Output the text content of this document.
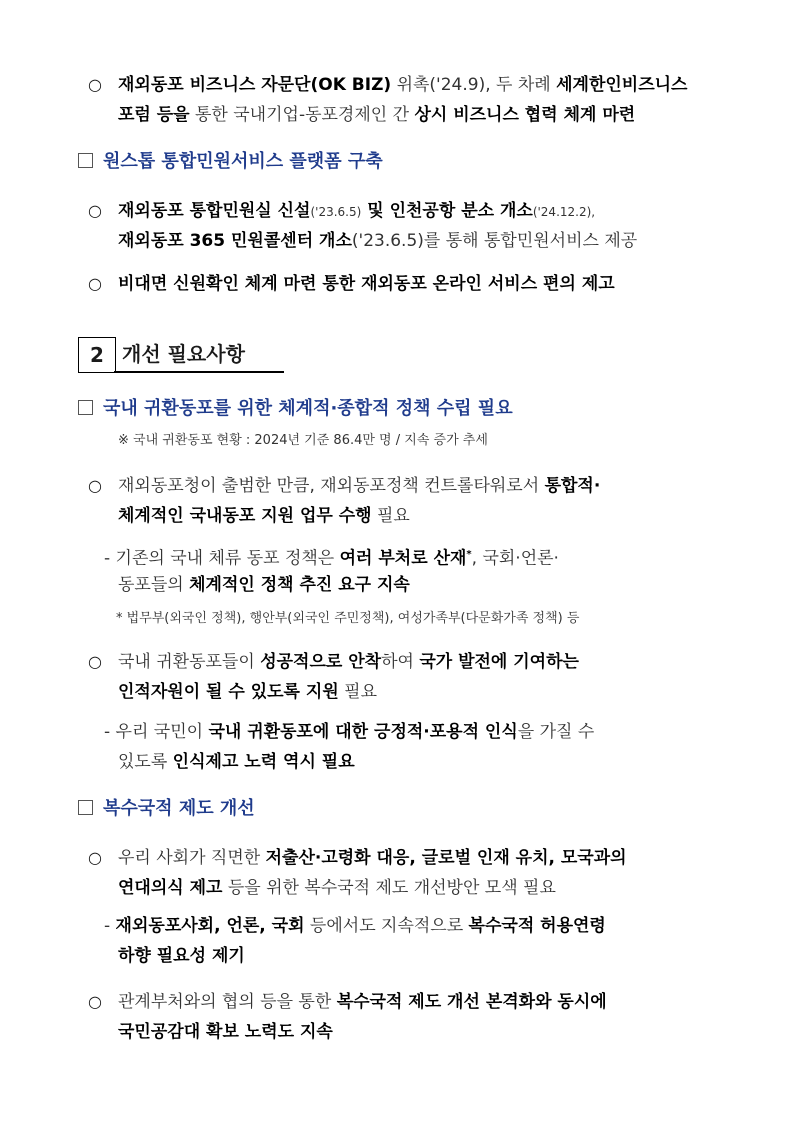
○ 재외동포 비즈니스 자문단(OK BIZ) 위촉('24.9), 두 차례 세계한인비즈니스
포럼 등을 통한 국내기업-동포경제인 간 상시 비즈니스 협력 체계 마련
원스톱 통합민원서비스 플랫폼 구축
○ 재외동포 통합민원실 신설('23.6.5) 및 인천공항 분소 개소('24.12.2),
재외동포 365 민원콜센터 개소('23.6.5)를 통해 통합민원서비스 제공
○ 비대면 신원확인 체계 마련 통한 재외동포 온라인 서비스 편의 제고
2 개선 필요사항
국내 귀환동포를 위한 체계적·종합적 정책 수립 필요
※ 국내 귀환동포 현황 : 2024년 기준 86.4만 명 / 지속 증가 추세
○ 재외동포청이 출범한 만큼, 재외동포정책 컨트롤타워로서 통합적·
체계적인 국내동포 지원 업무 수행 필요
- 기존의 국내 체류 동포 정책은 여러 부처로 산재*, 국회·언론·
동포들의 체계적인 정책 추진 요구 지속
* 법무부(외국인 정책), 행안부(외국인 주민정책), 여성가족부(다문화가족 정책) 등
○ 국내 귀환동포들이 성공적으로 안착하여 국가 발전에 기여하는
인적자원이 될 수 있도록 지원 필요
- 우리 국민이 국내 귀환동포에 대한 긍정적·포용적 인식을 가질 수
있도록 인식제고 노력 역시 필요
복수국적 제도 개선
○ 우리 사회가 직면한 저출산·고령화 대응, 글로벌 인재 유치, 모국과의
연대의식 제고 등을 위한 복수국적 제도 개선방안 모색 필요
- 재외동포사회, 언론, 국회 등에서도 지속적으로 복수국적 허용연령
하향 필요성 제기
○ 관계부처와의 협의 등을 통한 복수국적 제도 개선 본격화와 동시에
국민공감대 확보 노력도 지속
